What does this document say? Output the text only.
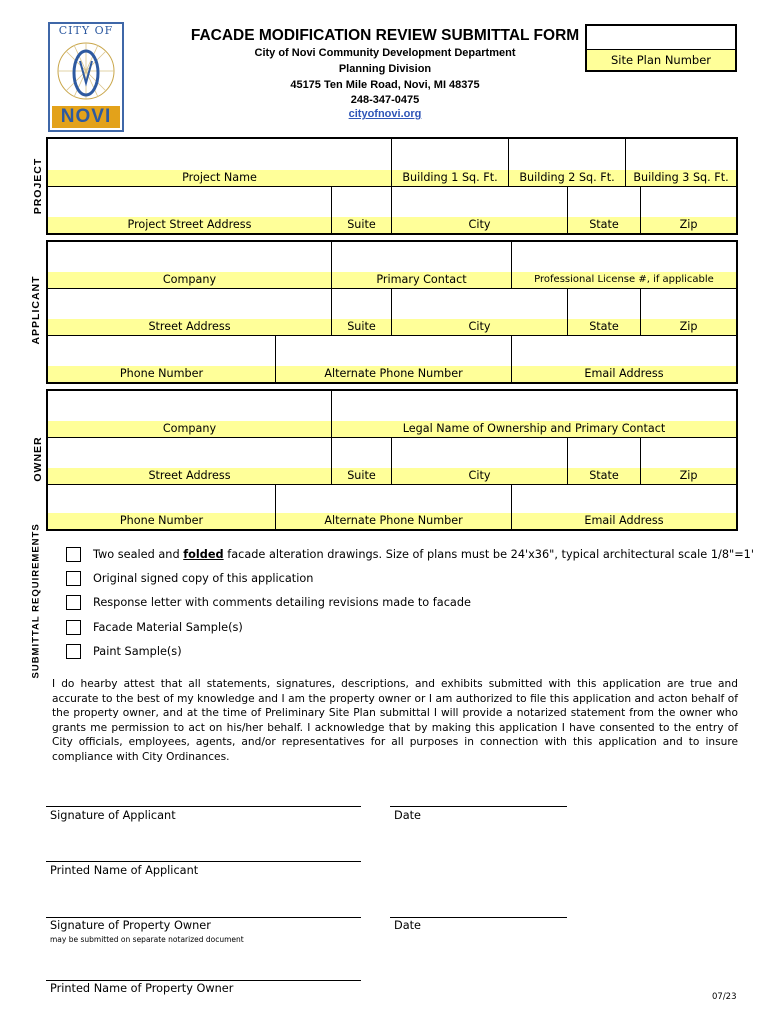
CITY OF
NOVI
FACADE MODIFICATION REVIEW SUBMITTAL FORM
City of Novi Community Development Department
Planning Division
45175 Ten Mile Road, Novi, MI 48375
248-347-0475
cityofnovi.org
Site Plan Number
PROJECT	Project Name	Building 1 Sq. Ft.	Building 2 Sq. Ft.	Building 3 Sq. Ft.
Project Street Address	Suite	City	State	Zip
APPLICANT	Company	Primary Contact	Professional License #, if applicable
Street Address	Suite	City	State	Zip
Phone Number	Alternate Phone Number	Email Address
OWNER
Company	Legal Name of Ownership and Primary Contact
Street Address	Suite	City	State	Zip
Phone Number	Alternate Phone Number	Email Address
SUBMITTAL REQUIREMENTS	Two sealed and folded facade alteration drawings. Size of plans must be 24'x36", typical architectural scale 1/8"=1'
Original signed copy of this application
Response letter with comments detailing revisions made to facade
Facade Material Sample(s)
Paint Sample(s)
I do hearby attest that all statements, signatures, descriptions, and exhibits submitted with this application are true and accurate to the best of my knowledge and I am the property owner or I am authorized to file this application and acton behalf of the property owner, and at the time of Preliminary Site Plan submittal I will provide a notarized statement from the owner who grants me permission to act on his/her behalf. I acknowledge that by making this application I have consented to the entry of City officials, employees, agents, and/or representatives for all purposes in connection with this application and to insure compliance with City Ordinances.
Signature of Applicant	Date
Printed Name of Applicant
Signature of Property Owner
may be submitted on separate notarized document
Date
Printed Name of Property Owner
07/23
